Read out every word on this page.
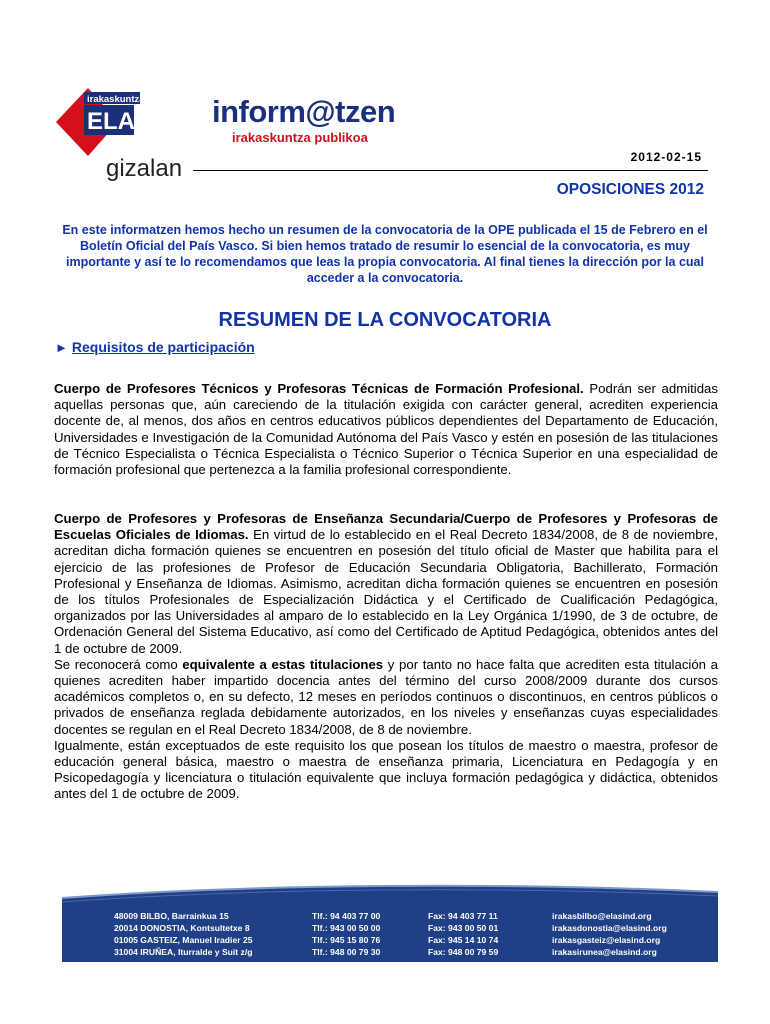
irakaskuntza
ELA
gizalan
inform@tzen
irakaskuntza publikoa
2012-02-15
OPOSICIONES 2012
En este informatzen hemos hecho un resumen de la convocatoria de la OPE publicada el 15 de Febrero en el Boletín Oficial del País Vasco. Si bien hemos tratado de resumir lo esencial de la convocatoria, es muy importante y así te lo recomendamos que leas la propia convocatoria. Al final tienes la dirección por la cual acceder a la convocatoria.
RESUMEN DE LA CONVOCATORIA
► Requisitos de participación

Cuerpo de Profesores Técnicos y Profesoras Técnicas de Formación Profesional. Podrán ser admitidas aquellas personas que, aún careciendo de la titulación exigida con carácter general, acrediten experiencia docente de, al menos, dos años en centros educativos públicos dependientes del Departamento de Educación, Universidades e Investigación de la Comunidad Autónoma del País Vasco y estén en posesión de las titulaciones de Técnico Especialista o Técnica Especialista o Técnico Superior o Técnica Superior en una especialidad de formación profesional que pertenezca a la familia profesional correspondiente.

Cuerpo de Profesores y Profesoras de Enseñanza Secundaria/Cuerpo de Profesores y Profesoras de Escuelas Oficiales de Idiomas. En virtud de lo establecido en el Real Decreto 1834/2008, de 8 de noviembre, acreditan dicha formación quienes se encuentren en posesión del título oficial de Master que habilita para el ejercicio de las profesiones de Profesor de Educación Secundaria Obligatoria, Bachillerato, Formación Profesional y Enseñanza de Idiomas. Asimismo, acreditan dicha formación quienes se encuentren en posesión de los títulos Profesionales de Especialización Didáctica y el Certificado de Cualificación Pedagógica, organizados por las Universidades al amparo de lo establecido en la Ley Orgánica 1/1990, de 3 de octubre, de Ordenación General del Sistema Educativo, así como del Certificado de Aptitud Pedagógica, obtenidos antes del 1 de octubre de 2009.

Se reconocerá como equivalente a estas titulaciones y por tanto no hace falta que acrediten esta titulación a quienes acrediten haber impartido docencia antes del término del curso 2008/2009 durante dos cursos académicos completos o, en su defecto, 12 meses en períodos continuos o discontinuos, en centros públicos o privados de enseñanza reglada debidamente autorizados, en los niveles y enseñanzas cuyas especialidades docentes se regulan en el Real Decreto 1834/2008, de 8 de noviembre.

Igualmente, están exceptuados de este requisito los que posean los títulos de maestro o maestra, profesor de educación general básica, maestro o maestra de enseñanza primaria, Licenciatura en Pedagogía y en Psicopedagogía y licenciatura o titulación equivalente que incluya formación pedagógica y didáctica, obtenidos antes del 1 de octubre de 2009.

48009 BILBO, Barrainkua 15
20014 DONOSTIA, Kontsultetxe 8
01005 GASTEIZ, Manuel Iradier 25
31004 IRUÑEA, Iturralde y Suit z/g
Tlf.: 94 403 77 00
Tlf.: 943 00 50 00
Tlf.: 945 15 80 76
Tlf.: 948 00 79 30
Fax: 94 403 77 11
Fax: 943 00 50 01
Fax: 945 14 10 74
Fax: 948 00 79 59
irakasbilbo@elasind.org
irakasdonostia@elasind.org
irakasgasteiz@elasind.org
irakasirunea@elasind.org
